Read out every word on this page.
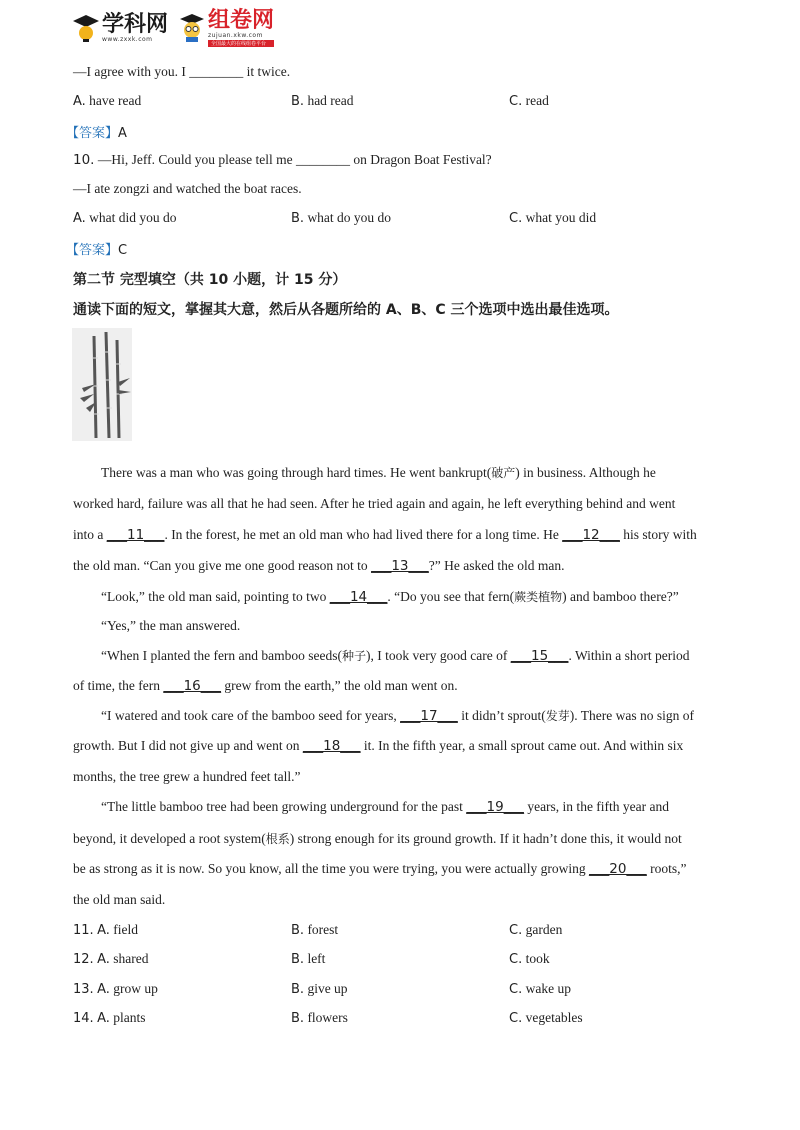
学科网
www.zxxk.com
组卷网
zujuan.xkw.com
全国最大的在线组卷平台
—I agree with you. I ________ it twice.
A. have read	B. had read	C. read
【答案】A
10. —Hi, Jeff. Could you please tell me ________ on Dragon Boat Festival?
—I ate zongzi and watched the boat races.
A. what did you do	B. what do you do	C. what you did
【答案】C
第二节 完型填空（共 10 小题，计 15 分）
通读下面的短文，掌握其大意，然后从各题所给的 A、B、C 三个选项中选出最佳选项。
There was a man who was going through hard times. He went bankrupt(破产) in business. Although he
worked hard, failure was all that he had seen. After he tried again and again, he left everything behind and went
into a ___11___. In the forest, he met an old man who had lived there for a long time. He ___12___ his story with
the old man. “Can you give me one good reason not to ___13___?” He asked the old man.
“Look,” the old man said, pointing to two ___14___. “Do you see that fern(蕨类植物) and bamboo there?”
“Yes,” the man answered.
“When I planted the fern and bamboo seeds(种子), I took very good care of ___15___. Within a short period
of time, the fern ___16___ grew from the earth,” the old man went on.
“I watered and took care of the bamboo seed for years, ___17___ it didn’t sprout(发芽). There was no sign of
growth. But I did not give up and went on ___18___ it. In the fifth year, a small sprout came out. And within six
months, the tree grew a hundred feet tall.”
“The little bamboo tree had been growing underground for the past ___19___ years, in the fifth year and
beyond, it developed a root system(根系) strong enough for its ground growth. If it hadn’t done this, it would not
be as strong as it is now. So you know, all the time you were trying, you were actually growing ___20___ roots,”
the old man said.
11. A. field	B. forest	C. garden
12. A. shared	B. left	C. took
13. A. grow up	B. give up	C. wake up
14. A. plants	B. flowers	C. vegetables
